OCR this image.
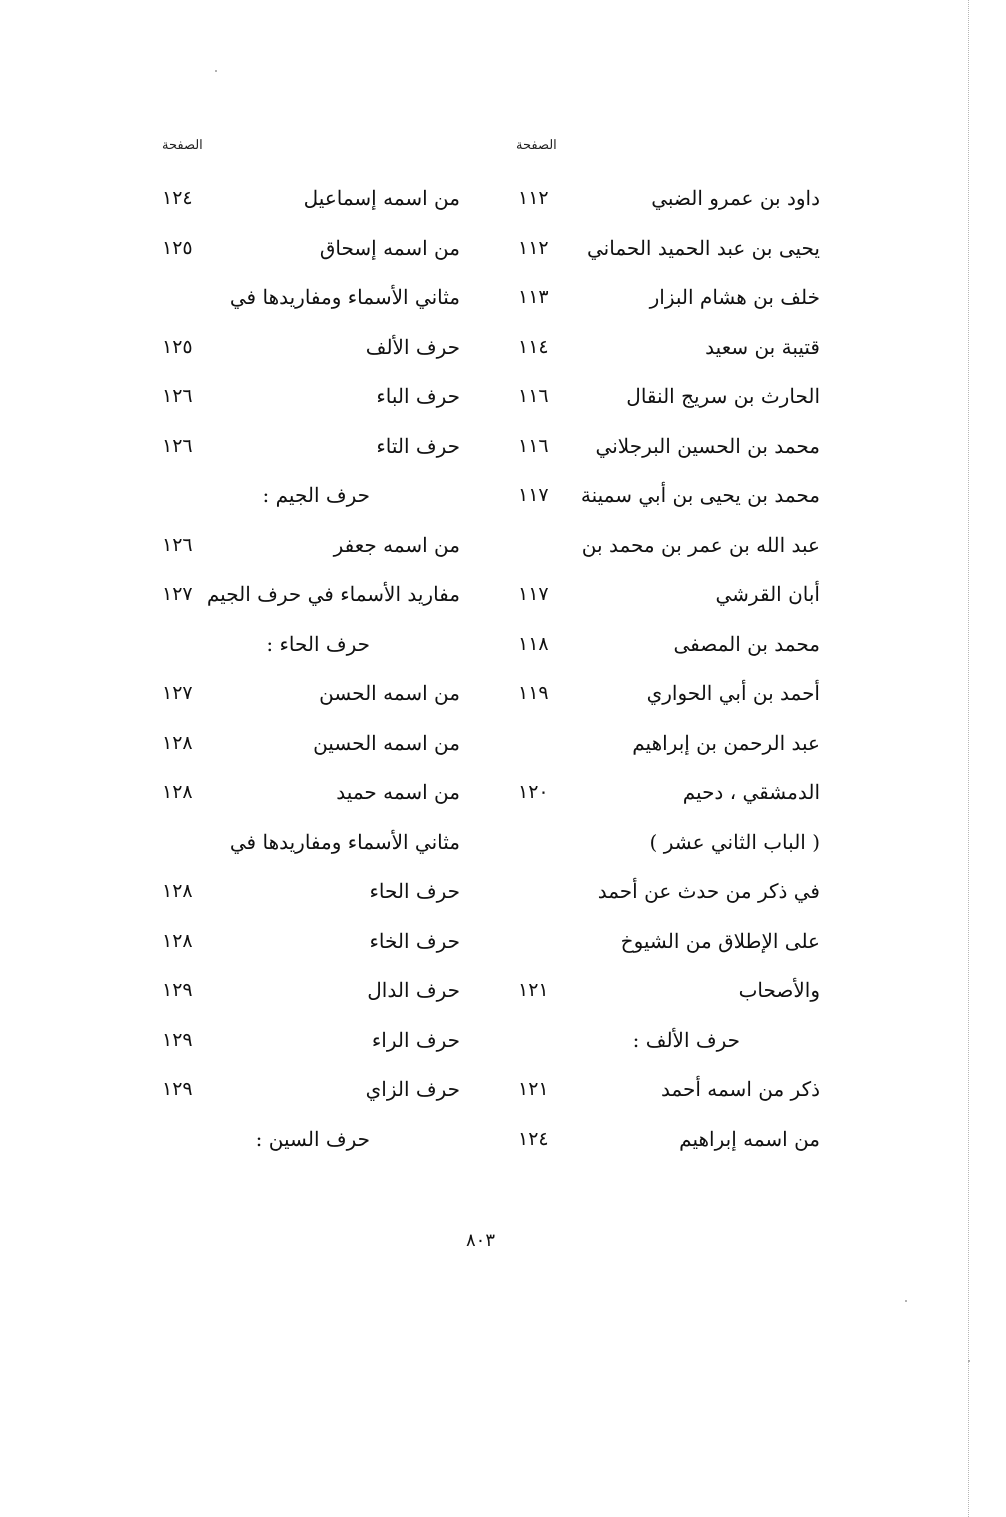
الصفحة
داود بن عمرو الضبي
١١٢
يحيى بن عبد الحميد الحماني
١١٢
خلف بن هشام البزار
١١٣
قتيبة بن سعيد
١١٤
الحارث بن سريج النقال
١١٦
محمد بن الحسين البرجلاني
١١٦
محمد بن يحيى بن أبي سمينة
١١٧
عبد الله بن عمر بن محمد بن
أبان القرشي
١١٧
محمد بن المصفى
١١٨
أحمد بن أبي الحواري
١١٩
عبد الرحمن بن إبراهيم
الدمشقي ، دحيم
١٢٠
( الباب الثاني عشر )
في ذكر من حدث عن أحمد
على الإطلاق من الشيوخ
والأصحاب
١٢١
حرف الألف :
ذكر من اسمه أحمد
١٢١
من اسمه إبراهيم
١٢٤
الصفحة
من اسمه إسماعيل
١٢٤
من اسمه إسحاق
١٢٥
مثاني الأسماء ومفاريدها في
حرف الألف
١٢٥
حرف الباء
١٢٦
حرف التاء
١٢٦
حرف الجيم :
من اسمه جعفر
١٢٦
مفاريد الأسماء في حرف الجيم
١٢٧
حرف الحاء :
من اسمه الحسن
١٢٧
من اسمه الحسين
١٢٨
من اسمه حميد
١٢٨
مثاني الأسماء ومفاريدها في
حرف الحاء
١٢٨
حرف الخاء
١٢٨
حرف الدال
١٢٩
حرف الراء
١٢٩
حرف الزاي
١٢٩
حرف السين :
٨٠٣
